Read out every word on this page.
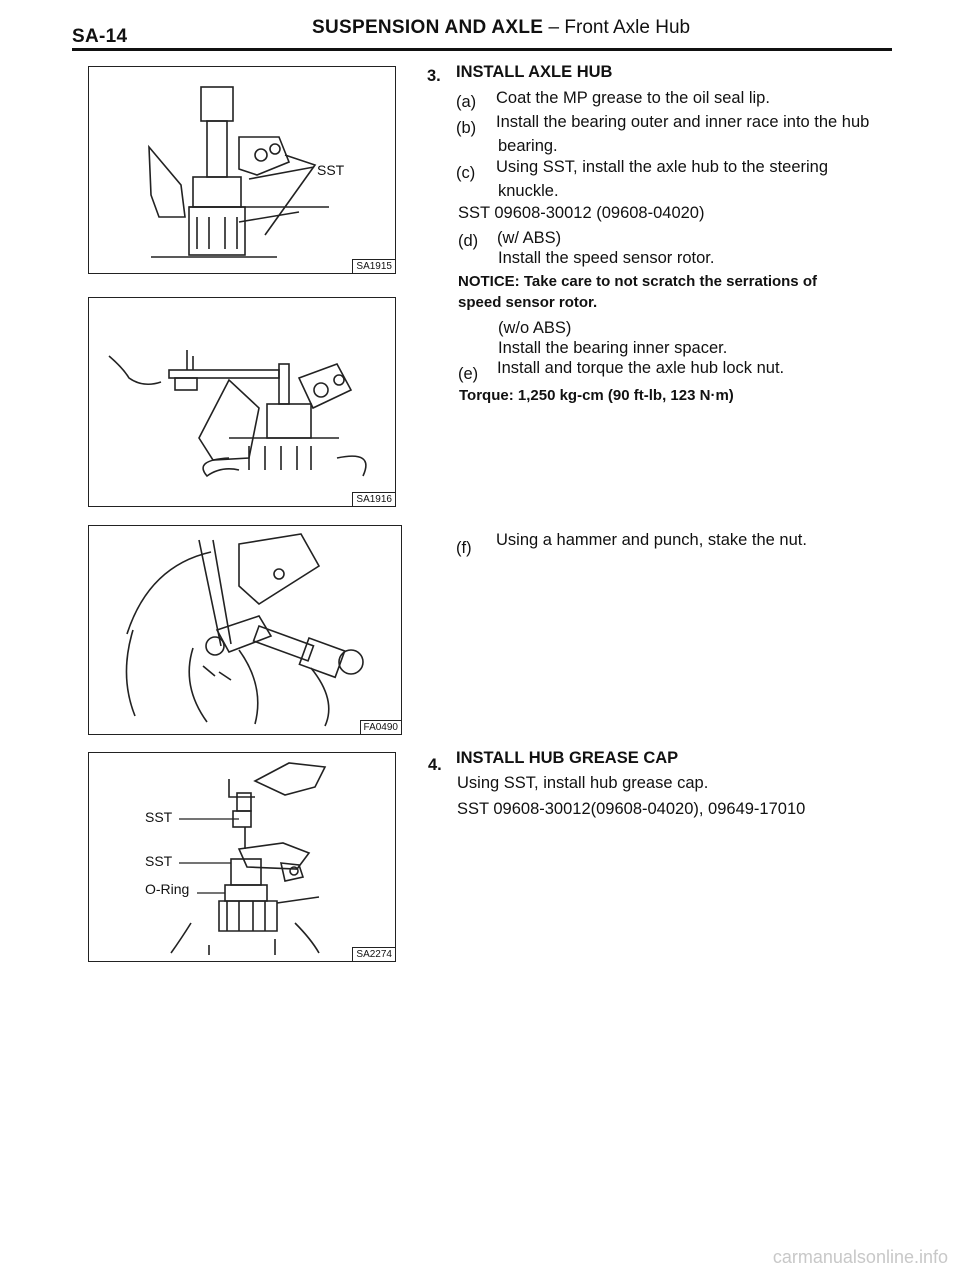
SA-14	SUSPENSION AND AXLE – Front Axle Hub
SST
SA1915
SA1916
FA0490
SST
SST
O-Ring
SA2274
3. INSTALL AXLE HUB
(a) Coat the MP grease to the oil seal lip.
(b) Install the bearing outer and inner race into the hub
bearing.
(c) Using SST, install the axle hub to the steering
knuckle.
SST 09608-30012 (09608-04020)
(d) (w/ ABS)
Install the speed sensor rotor.
NOTICE: Take care to not scratch the serrations of
speed sensor rotor.
(w/o ABS)
Install the bearing inner spacer.
(e) Install and torque the axle hub lock nut.
Torque: 1,250 kg-cm (90 ft-lb, 123 N·m)
(f) Using a hammer and punch, stake the nut.
4. INSTALL HUB GREASE CAP
Using SST, install hub grease cap.
SST 09608-30012(09608-04020), 09649-17010
carmanualsonline.info
